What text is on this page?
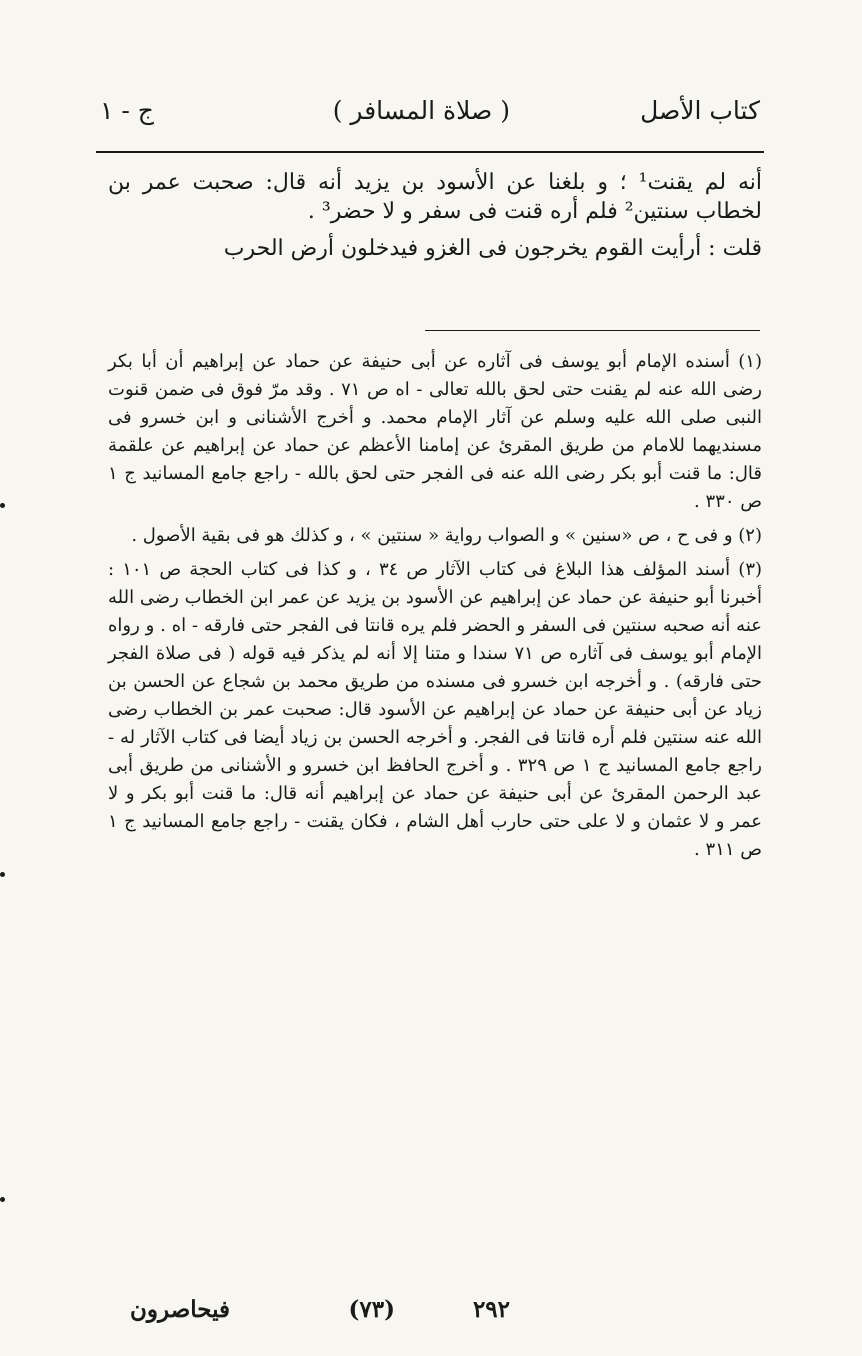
كتاب الأصل
( صلاة المسافر )
ج - ١

أنه لم يقنت¹ ؛ و بلغنا عن الأسود بن يزيد أنه قال: صحبت عمر بن لخطاب سنتين² فلم أره قنت فى سفر و لا حضر³ .

قلت : أرأيت القوم يخرجون فى الغزو فيدخلون أرض الحرب

(١) أسنده الإمام أبو يوسف فى آثاره عن أبى حنيفة عن حماد عن إبراهيم أن أبا بكر رضى الله عنه لم يقنت حتى لحق بالله تعالى - اه ص ٧١ . وقد مرّ فوق فى ضمن قنوت النبى صلى الله عليه وسلم عن آثار الإمام محمد. و أخرج الأشنانى و ابن خسرو فى مسنديهما للامام من طريق المقرئ عن إمامنا الأعظم عن حماد عن إبراهيم عن علقمة قال: ما قنت أبو بكر رضى الله عنه فى الفجر حتى لحق بالله - راجع جامع المسانيد ج ١ ص ٣٣٠ .

(٢) و فى ح ، ص «سنين » و الصواب رواية « سنتين » ، و كذلك هو فى بقية الأصول .

(٣) أسند المؤلف هذا البلاغ فى كتاب الآثار ص ٣٤ ، و كذا فى كتاب الحجة ص ١٠١ : أخبرنا أبو حنيفة عن حماد عن إبراهيم عن الأسود بن يزيد عن عمر ابن الخطاب رضى الله عنه أنه صحبه سنتين فى السفر و الحضر فلم يره قانتا فى الفجر حتى فارقه - اه . و رواه الإمام أبو يوسف فى آثاره ص ٧١ سندا و متنا إلا أنه لم يذكر فيه قوله ( فى صلاة الفجر حتى فارقه) . و أخرجه ابن خسرو فى مسنده من طريق محمد بن شجاع عن الحسن بن زياد عن أبى حنيفة عن حماد عن إبراهيم عن الأسود قال: صحبت عمر بن الخطاب رضى الله عنه سنتين فلم أره قانتا فى الفجر. و أخرجه الحسن بن زياد أيضا فى كتاب الآثار له - راجع جامع المسانيد ج ١ ص ٣٢٩ . و أخرج الحافظ ابن خسرو و الأشنانى من طريق أبى عبد الرحمن المقرئ عن أبى حنيفة عن حماد عن إبراهيم أنه قال: ما قنت أبو بكر و لا عمر و لا عثمان و لا على حتى حارب أهل الشام ، فكان يقنت - راجع جامع المسانيد ج ١ ص ٣١١ .

٢٩٢
(٧٣)
فيحاصرون
